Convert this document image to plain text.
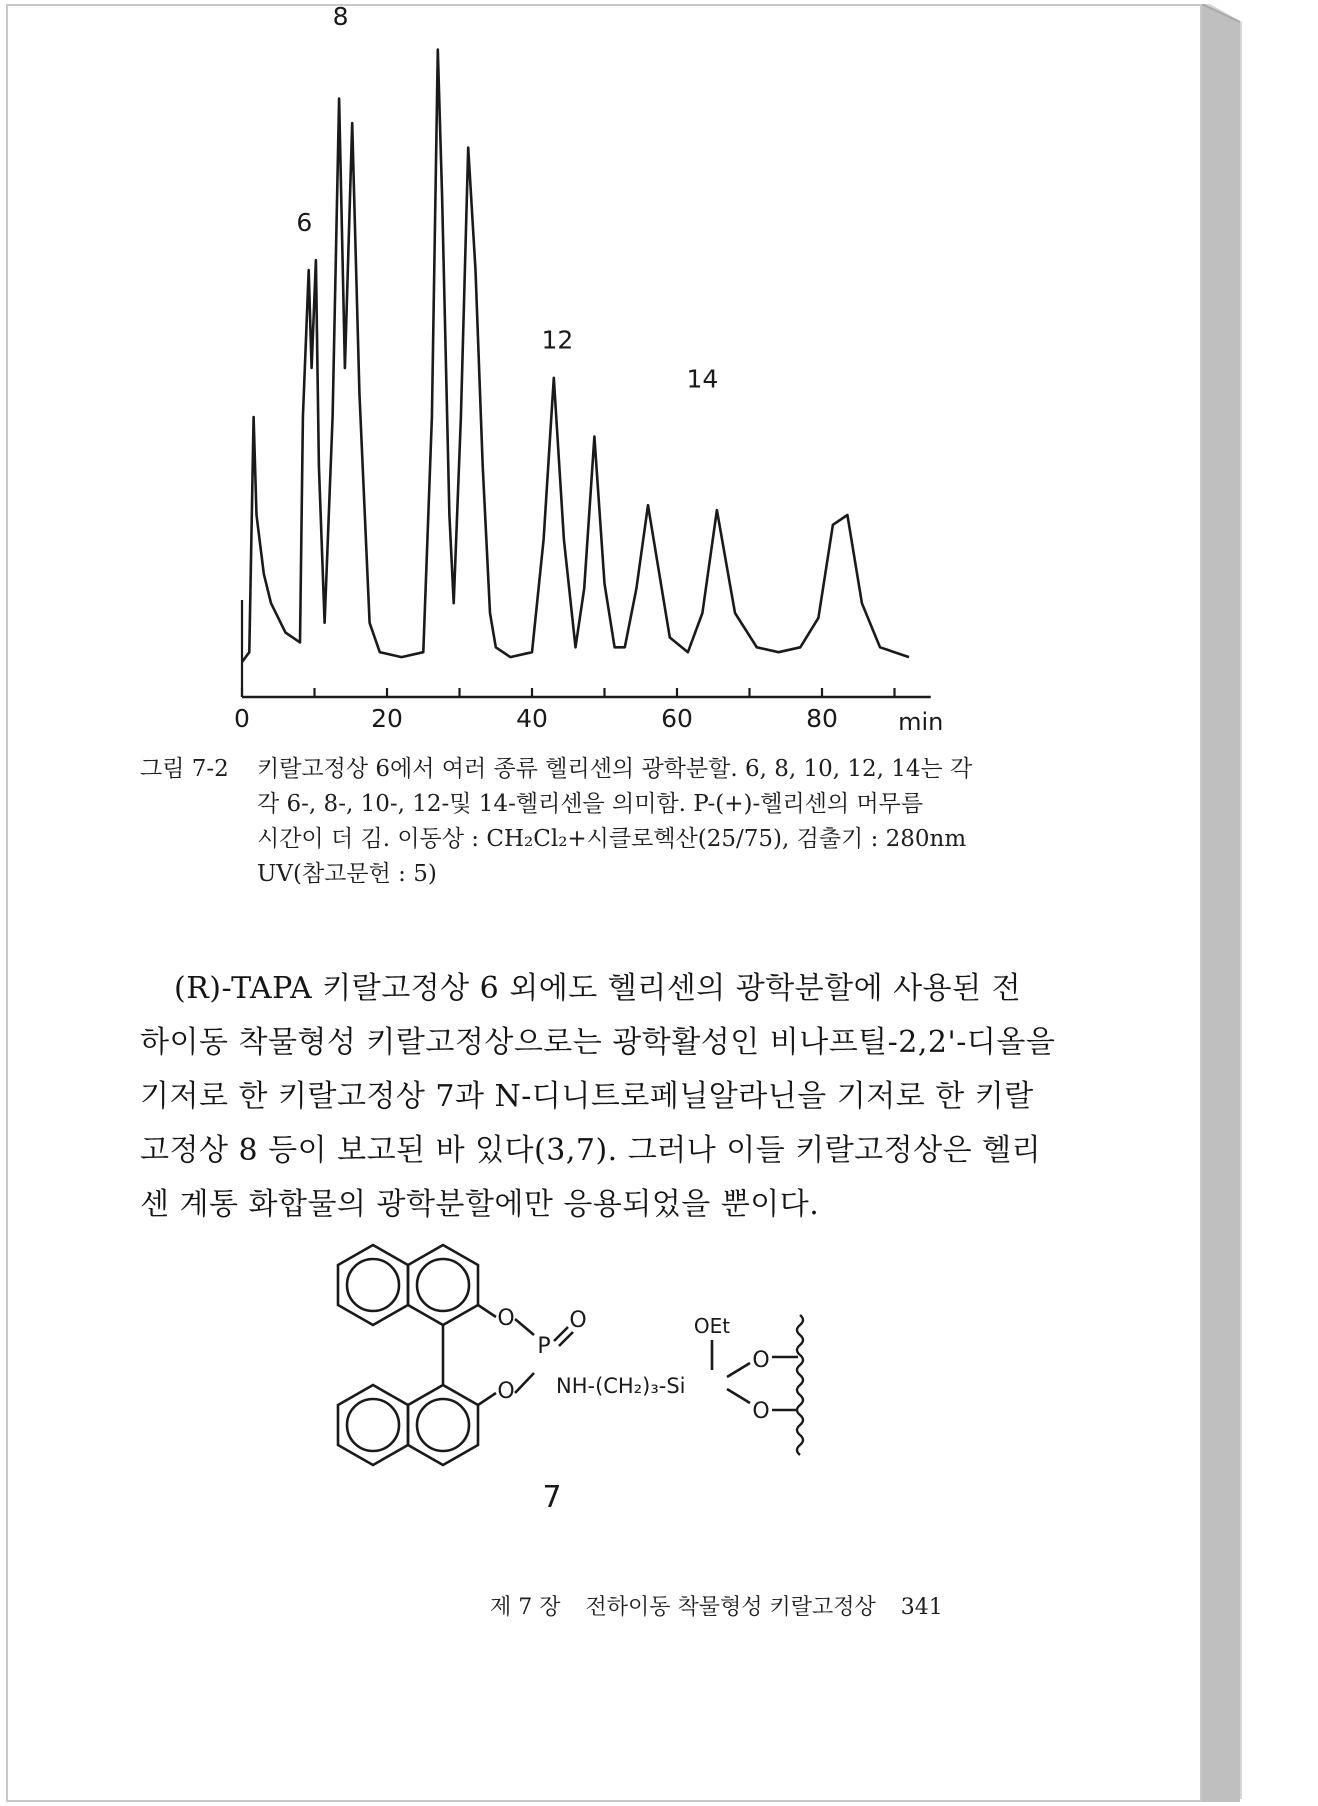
0	20	40	60	80	min
6
8
12
14
그림 7-2 키랄고정상 6에서 여러 종류 헬리센의 광학분할. 6, 8, 10, 12, 14는 각
각 6-, 8-, 10-, 12-및 14-헬리센을 의미함. P-(+)-헬리센의 머무름
시간이 더 김. 이동상 : CH₂Cl₂+시클로헥산(25/75), 검출기 : 280nm
UV(참고문헌 : 5)
(R)-TAPA 키랄고정상 6 외에도 헬리센의 광학분할에 사용된 전
하이동 착물형성 키랄고정상으로는 광학활성인 비나프틸-2,2'-디올을
기저로 한 키랄고정상 7과 N-디니트로페닐알라닌을 기저로 한 키랄
고정상 8 등이 보고된 바 있다(3,7). 그러나 이들 키랄고정상은 헬리
센 계통 화합물의 광학분할에만 응용되었을 뿐이다.
O
O
P
O
NH-(CH₂)₃-Si
OEt
O
O
7
제 7 장 전하이동 착물형성 키랄고정상 341
